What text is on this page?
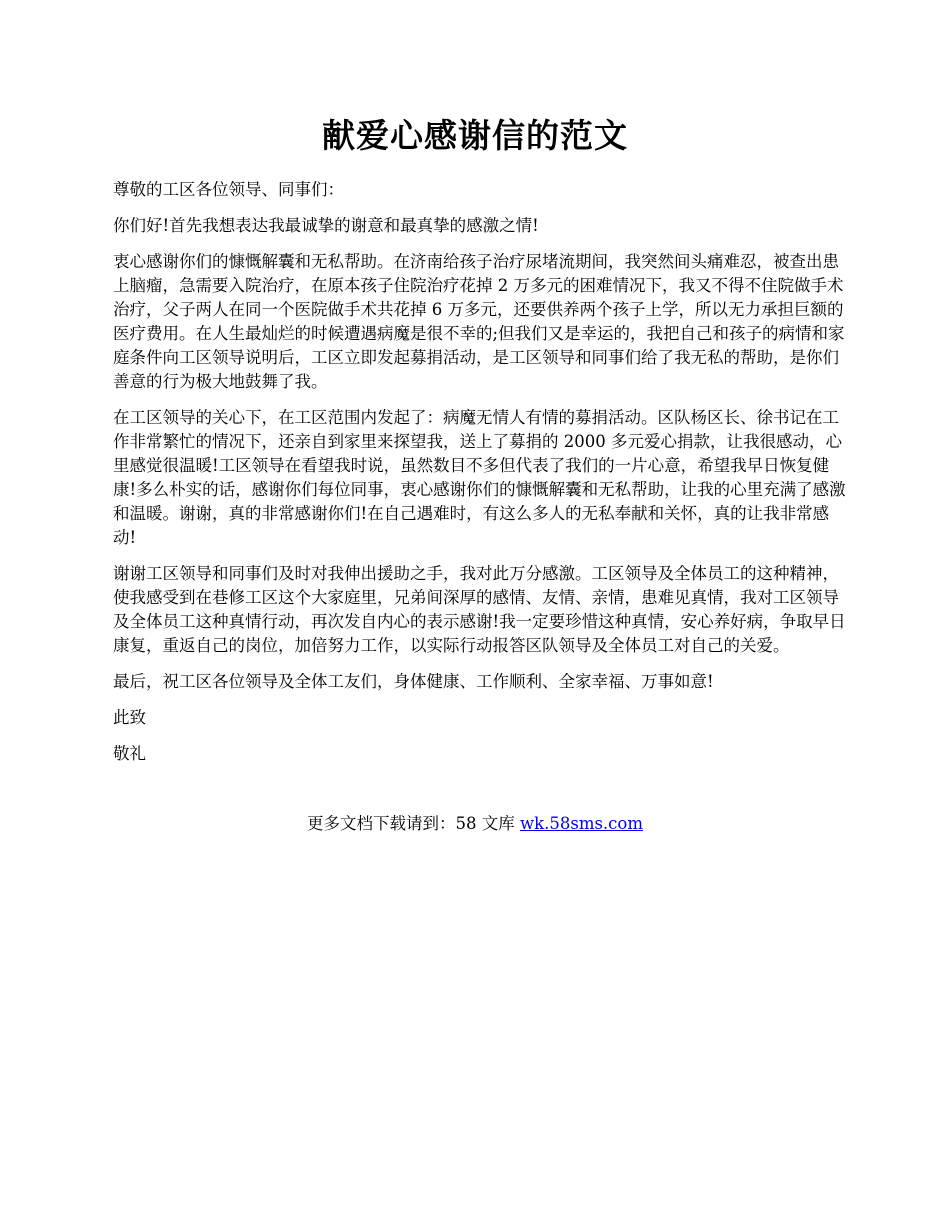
献爱心感谢信的范文

尊敬的工区各位领导、同事们：

你们好!首先我想表达我最诚挚的谢意和最真挚的感激之情!

衷心感谢你们的慷慨解囊和无私帮助。在济南给孩子治疗尿堵流期间，我突然间头痛难忍，被查出患上脑瘤，急需要入院治疗，在原本孩子住院治疗花掉 2 万多元的困难情况下，我又不得不住院做手术治疗，父子两人在同一个医院做手术共花掉 6 万多元，还要供养两个孩子上学，所以无力承担巨额的医疗费用。在人生最灿烂的时候遭遇病魔是很不幸的;但我们又是幸运的，我把自己和孩子的病情和家庭条件向工区领导说明后，工区立即发起募捐活动，是工区领导和同事们给了我无私的帮助，是你们善意的行为极大地鼓舞了我。

在工区领导的关心下，在工区范围内发起了：病魔无情人有情的募捐活动。区队杨区长、徐书记在工作非常繁忙的情况下，还亲自到家里来探望我，送上了募捐的 2000 多元爱心捐款，让我很感动，心里感觉很温暖!工区领导在看望我时说，虽然数目不多但代表了我们的一片心意，希望我早日恢复健康!多么朴实的话，感谢你们每位同事，衷心感谢你们的慷慨解囊和无私帮助，让我的心里充满了感激和温暖。谢谢，真的非常感谢你们!在自己遇难时，有这么多人的无私奉献和关怀，真的让我非常感动!

谢谢工区领导和同事们及时对我伸出援助之手，我对此万分感激。工区领导及全体员工的这种精神，使我感受到在巷修工区这个大家庭里，兄弟间深厚的感情、友情、亲情，患难见真情，我对工区领导及全体员工这种真情行动，再次发自内心的表示感谢!我一定要珍惜这种真情，安心养好病，争取早日康复，重返自己的岗位，加倍努力工作，以实际行动报答区队领导及全体员工对自己的关爱。

最后，祝工区各位领导及全体工友们，身体健康、工作顺利、全家幸福、万事如意!

此致

敬礼

更多文档下载请到：58 文库 wk.58sms.com
